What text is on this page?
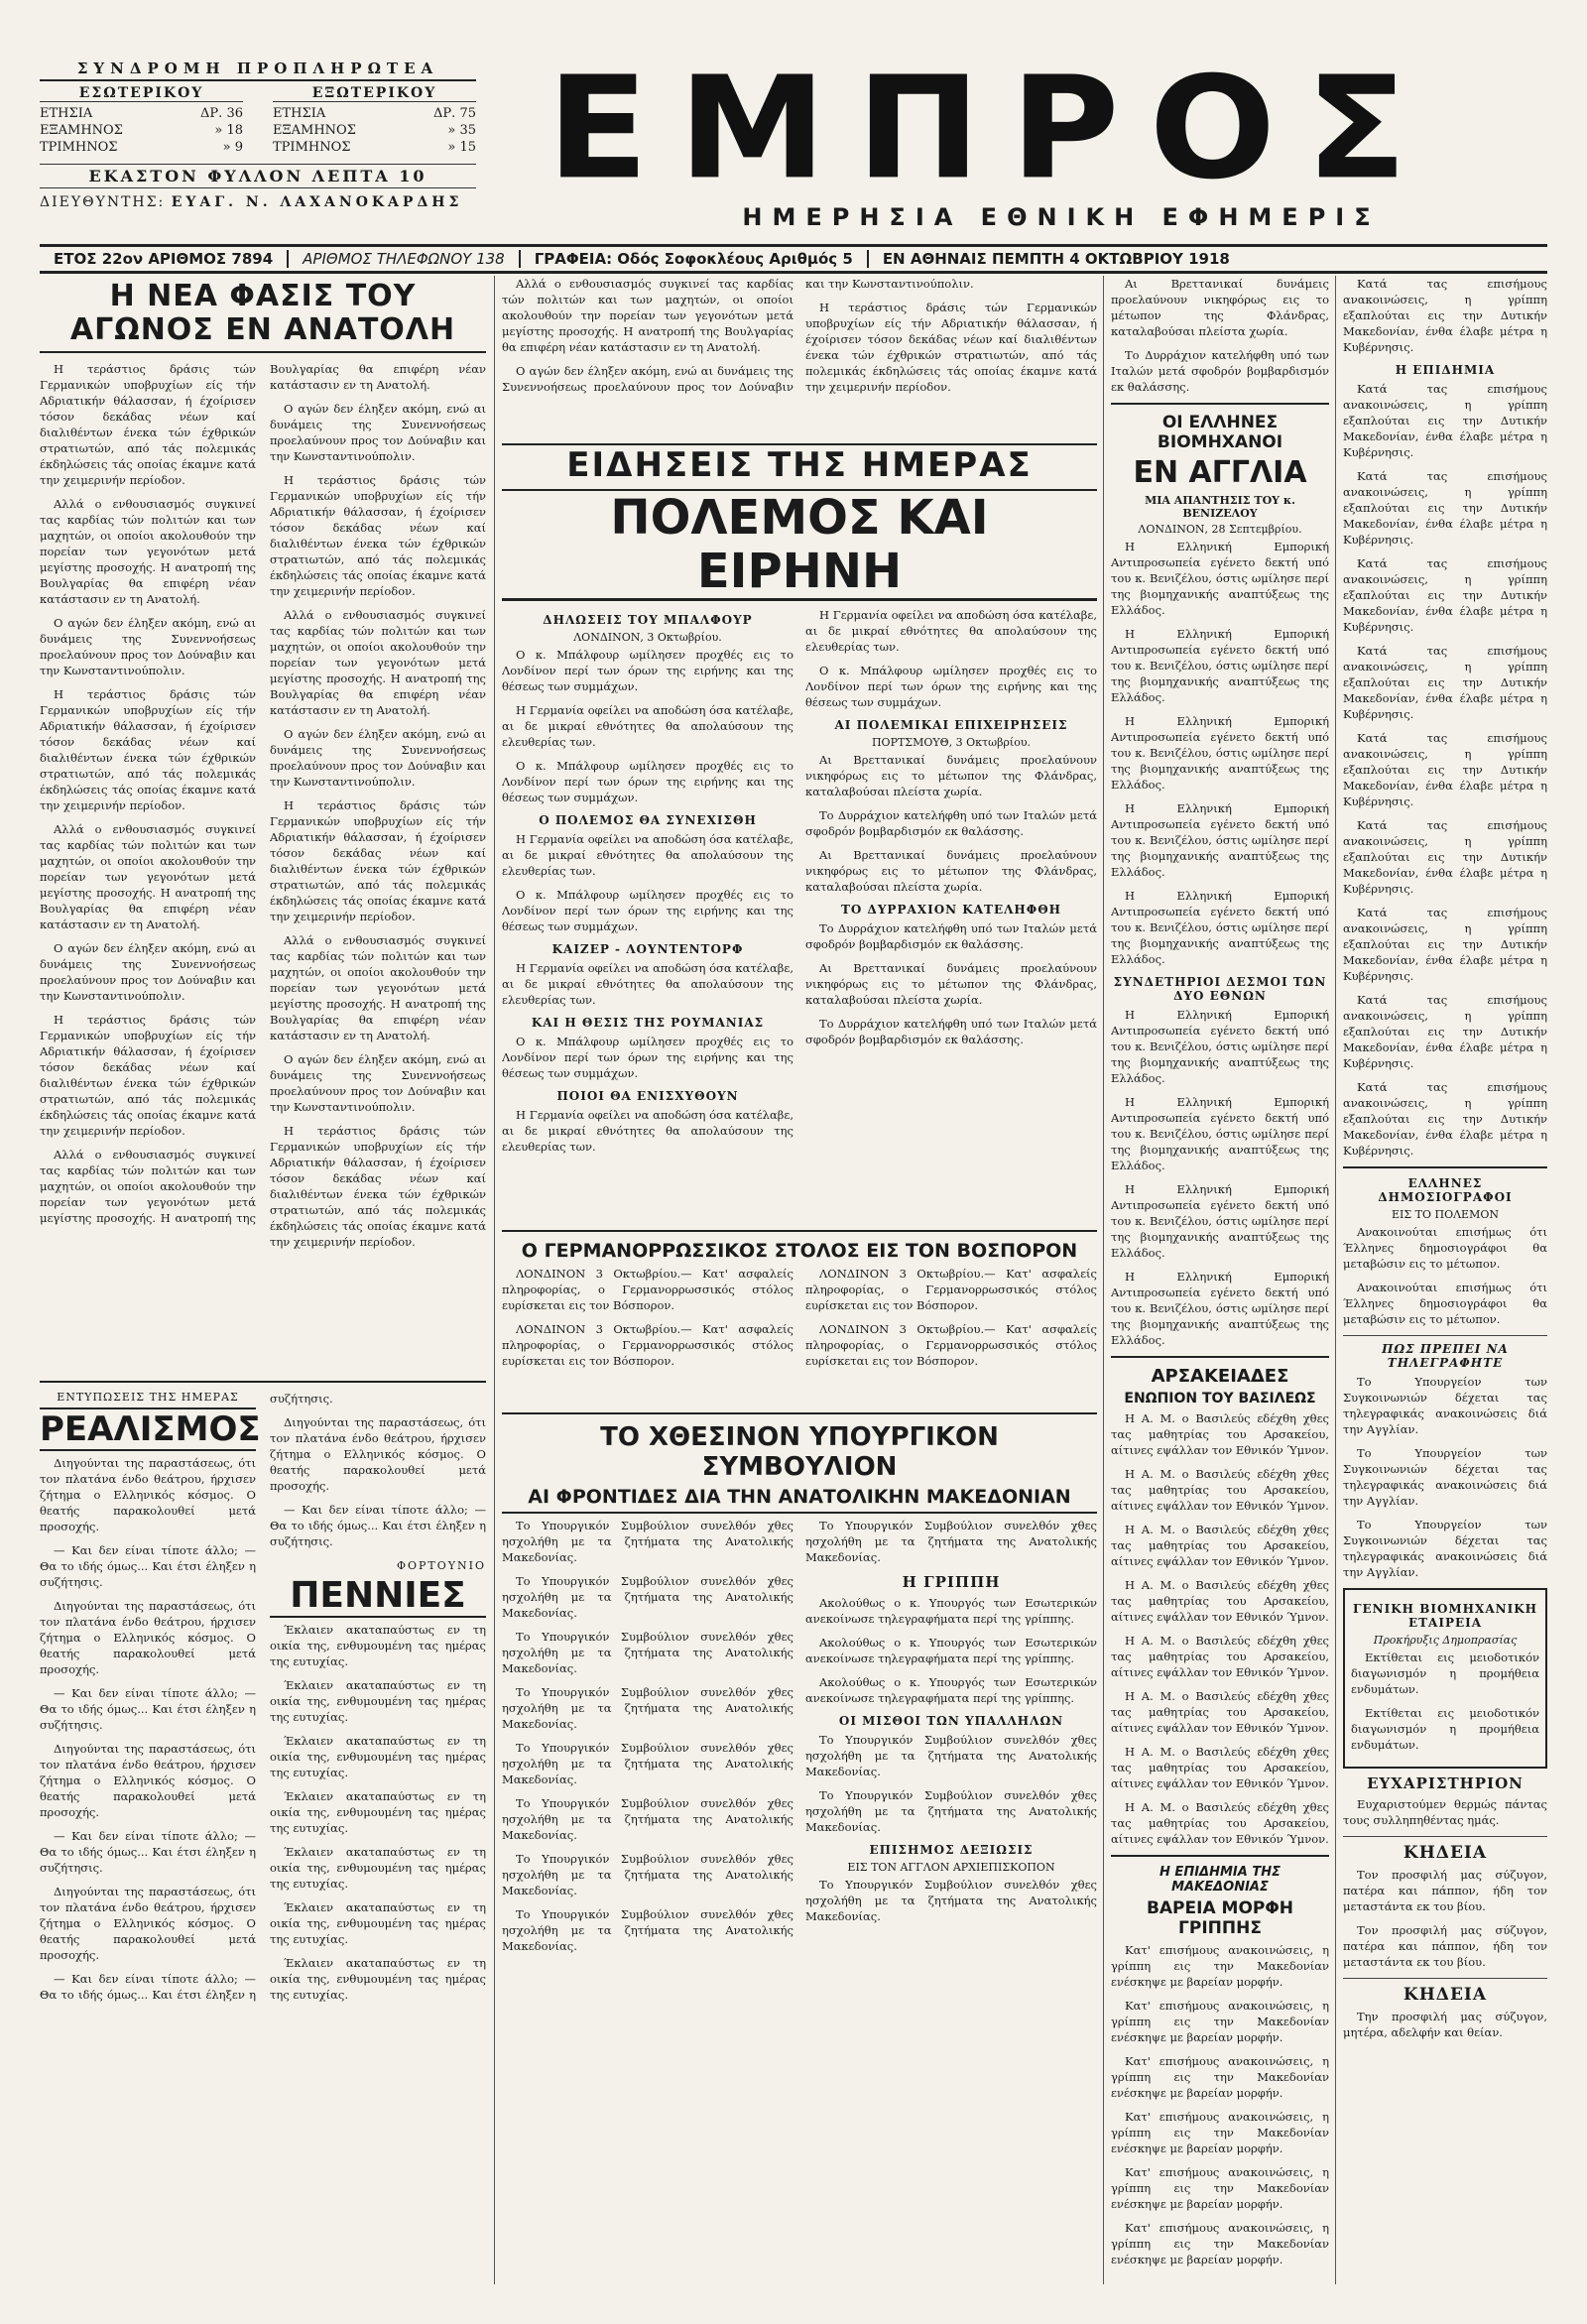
ΣΥΝΔΡΟΜΗ ΠΡΟΠΛΗΡΩΤΕΑ
ΕΣΩΤΕΡΙΚΟΥ
ΕΤΗΣΙΑ	ΔΡ. 36
ΕΞΑΜΗΝΟΣ	» 18
ΤΡΙΜΗΝΟΣ	» 9
ΕΞΩΤΕΡΙΚΟΥ
ΕΤΗΣΙΑ	ΔΡ. 75
ΕΞΑΜΗΝΟΣ	» 35
ΤΡΙΜΗΝΟΣ	» 15
ΕΚΑΣΤΟΝ ΦΥΛΛΟΝ ΛΕΠΤΑ 10
ΔΙΕΥΘΥΝΤΗΣ: ΕΥΑΓ. Ν. ΛΑΧΑΝΟΚΑΡΔΗΣ ΕΜΠΡΟΣ
ΗΜΕΡΗΣΙΑ ΕΘΝΙΚΗ ΕΦΗΜΕΡΙΣ
ΕΤΟΣ 22ον ΑΡΙΘΜΟΣ 7894	ΑΡΙΘΜΟΣ ΤΗΛΕΦΩΝΟΥ 138	ΓΡΑΦΕΙΑ: Οδός Σοφοκλέους Αριθμός 5	ΕΝ ΑΘΗΝΑΙΣ ΠΕΜΠΤΗ 4 ΟΚΤΩΒΡΙΟΥ 1918
Η ΝΕΑ ΦΑΣΙΣ ΤΟΥ ΑΓΩΝΟΣ ΕΝ ΑΝΑΤΟΛΗ

Η τεράστιος δράσις τών Γερμανικών υποβρυχίων είς τήν Αδριατικήν θάλασσαν, ή έχοίρισεν τόσον δεκάδας νέων καί διαλιθέντων ένεκα τών έχθρικών στρατιωτών, από τάς πολεμικάς έκδηλώσεις τάς οποίας έκαμνε κατά την χειμερινήν περίοδον.

Αλλά ο ενθουσιασμός συγκινεί τας καρδίας τών πολιτών και των μαχητών, οι οποίοι ακολουθούν την πορείαν των γεγονότων μετά μεγίστης προσοχής. Η ανατροπή της Βουλγαρίας θα επιφέρη νέαν κατάστασιν εν τη Ανατολή.

Ο αγών δεν έληξεν ακόμη, ενώ αι δυνάμεις της Συνεννοήσεως προελαύνουν προς τον Δούναβιν και την Κωνσταντινούπολιν.

Η τεράστιος δράσις τών Γερμανικών υποβρυχίων είς τήν Αδριατικήν θάλασσαν, ή έχοίρισεν τόσον δεκάδας νέων καί διαλιθέντων ένεκα τών έχθρικών στρατιωτών, από τάς πολεμικάς έκδηλώσεις τάς οποίας έκαμνε κατά την χειμερινήν περίοδον.

Αλλά ο ενθουσιασμός συγκινεί τας καρδίας τών πολιτών και των μαχητών, οι οποίοι ακολουθούν την πορείαν των γεγονότων μετά μεγίστης προσοχής. Η ανατροπή της Βουλγαρίας θα επιφέρη νέαν κατάστασιν εν τη Ανατολή.

Ο αγών δεν έληξεν ακόμη, ενώ αι δυνάμεις της Συνεννοήσεως προελαύνουν προς τον Δούναβιν και την Κωνσταντινούπολιν.

Η τεράστιος δράσις τών Γερμανικών υποβρυχίων είς τήν Αδριατικήν θάλασσαν, ή έχοίρισεν τόσον δεκάδας νέων καί διαλιθέντων ένεκα τών έχθρικών στρατιωτών, από τάς πολεμικάς έκδηλώσεις τάς οποίας έκαμνε κατά την χειμερινήν περίοδον.

Αλλά ο ενθουσιασμός συγκινεί τας καρδίας τών πολιτών και των μαχητών, οι οποίοι ακολουθούν την πορείαν των γεγονότων μετά μεγίστης προσοχής. Η ανατροπή της Βουλγαρίας θα επιφέρη νέαν κατάστασιν εν τη Ανατολή.

Ο αγών δεν έληξεν ακόμη, ενώ αι δυνάμεις της Συνεννοήσεως προελαύνουν προς τον Δούναβιν και την Κωνσταντινούπολιν.

Η τεράστιος δράσις τών Γερμανικών υποβρυχίων είς τήν Αδριατικήν θάλασσαν, ή έχοίρισεν τόσον δεκάδας νέων καί διαλιθέντων ένεκα τών έχθρικών στρατιωτών, από τάς πολεμικάς έκδηλώσεις τάς οποίας έκαμνε κατά την χειμερινήν περίοδον.

Αλλά ο ενθουσιασμός συγκινεί τας καρδίας τών πολιτών και των μαχητών, οι οποίοι ακολουθούν την πορείαν των γεγονότων μετά μεγίστης προσοχής. Η ανατροπή της Βουλγαρίας θα επιφέρη νέαν κατάστασιν εν τη Ανατολή.

Ο αγών δεν έληξεν ακόμη, ενώ αι δυνάμεις της Συνεννοήσεως προελαύνουν προς τον Δούναβιν και την Κωνσταντινούπολιν.

Η τεράστιος δράσις τών Γερμανικών υποβρυχίων είς τήν Αδριατικήν θάλασσαν, ή έχοίρισεν τόσον δεκάδας νέων καί διαλιθέντων ένεκα τών έχθρικών στρατιωτών, από τάς πολεμικάς έκδηλώσεις τάς οποίας έκαμνε κατά την χειμερινήν περίοδον.

Αλλά ο ενθουσιασμός συγκινεί τας καρδίας τών πολιτών και των μαχητών, οι οποίοι ακολουθούν την πορείαν των γεγονότων μετά μεγίστης προσοχής. Η ανατροπή της Βουλγαρίας θα επιφέρη νέαν κατάστασιν εν τη Ανατολή.

Ο αγών δεν έληξεν ακόμη, ενώ αι δυνάμεις της Συνεννοήσεως προελαύνουν προς τον Δούναβιν και την Κωνσταντινούπολιν.

Η τεράστιος δράσις τών Γερμανικών υποβρυχίων είς τήν Αδριατικήν θάλασσαν, ή έχοίρισεν τόσον δεκάδας νέων καί διαλιθέντων ένεκα τών έχθρικών στρατιωτών, από τάς πολεμικάς έκδηλώσεις τάς οποίας έκαμνε κατά την χειμερινήν περίοδον.

ΕΝΤΥΠΩΣΕΙΣ ΤΗΣ ΗΜΕΡΑΣ
ΡΕΑΛΙΣΜΟΣ

Διηγούνται της παραστάσεως, ότι τον πλατάνα ένδο θεάτρου, ήρχισεν ζήτημα ο Ελληνικός κόσμος. Ο θεατής παρακολουθεί μετά προσοχής.

— Και δεν είναι τίποτε άλλο; — Θα το ιδής όμως... Και έτσι έληξεν η συζήτησις.

Διηγούνται της παραστάσεως, ότι τον πλατάνα ένδο θεάτρου, ήρχισεν ζήτημα ο Ελληνικός κόσμος. Ο θεατής παρακολουθεί μετά προσοχής.

— Και δεν είναι τίποτε άλλο; — Θα το ιδής όμως... Και έτσι έληξεν η συζήτησις.

Διηγούνται της παραστάσεως, ότι τον πλατάνα ένδο θεάτρου, ήρχισεν ζήτημα ο Ελληνικός κόσμος. Ο θεατής παρακολουθεί μετά προσοχής.

— Και δεν είναι τίποτε άλλο; — Θα το ιδής όμως... Και έτσι έληξεν η συζήτησις.

Διηγούνται της παραστάσεως, ότι τον πλατάνα ένδο θεάτρου, ήρχισεν ζήτημα ο Ελληνικός κόσμος. Ο θεατής παρακολουθεί μετά προσοχής.

— Και δεν είναι τίποτε άλλο; — Θα το ιδής όμως... Και έτσι έληξεν η συζήτησις.

Διηγούνται της παραστάσεως, ότι τον πλατάνα ένδο θεάτρου, ήρχισεν ζήτημα ο Ελληνικός κόσμος. Ο θεατής παρακολουθεί μετά προσοχής.

— Και δεν είναι τίποτε άλλο; — Θα το ιδής όμως... Και έτσι έληξεν η συζήτησις.

ΦΟΡΤΟΥΝΙΟ
ΠΕΝΝΙΕΣ

Έκλαιεν ακαταπαύστως εν τη οικία της, ενθυμουμένη τας ημέρας της ευτυχίας.

Έκλαιεν ακαταπαύστως εν τη οικία της, ενθυμουμένη τας ημέρας της ευτυχίας.

Έκλαιεν ακαταπαύστως εν τη οικία της, ενθυμουμένη τας ημέρας της ευτυχίας.

Έκλαιεν ακαταπαύστως εν τη οικία της, ενθυμουμένη τας ημέρας της ευτυχίας.

Έκλαιεν ακαταπαύστως εν τη οικία της, ενθυμουμένη τας ημέρας της ευτυχίας.

Έκλαιεν ακαταπαύστως εν τη οικία της, ενθυμουμένη τας ημέρας της ευτυχίας.

Έκλαιεν ακαταπαύστως εν τη οικία της, ενθυμουμένη τας ημέρας της ευτυχίας.

Αλλά ο ενθουσιασμός συγκινεί τας καρδίας τών πολιτών και των μαχητών, οι οποίοι ακολουθούν την πορείαν των γεγονότων μετά μεγίστης προσοχής. Η ανατροπή της Βουλγαρίας θα επιφέρη νέαν κατάστασιν εν τη Ανατολή.

Ο αγών δεν έληξεν ακόμη, ενώ αι δυνάμεις της Συνεννοήσεως προελαύνουν προς τον Δούναβιν και την Κωνσταντινούπολιν.

Η τεράστιος δράσις τών Γερμανικών υποβρυχίων είς τήν Αδριατικήν θάλασσαν, ή έχοίρισεν τόσον δεκάδας νέων καί διαλιθέντων ένεκα τών έχθρικών στρατιωτών, από τάς πολεμικάς έκδηλώσεις τάς οποίας έκαμνε κατά την χειμερινήν περίοδον.

ΕΙΔΗΣΕΙΣ ΤΗΣ ΗΜΕΡΑΣ
ΠΟΛΕΜΟΣ ΚΑΙ ΕΙΡΗΝΗ
ΔΗΛΩΣΕΙΣ ΤΟΥ ΜΠΑΛΦΟΥΡ
ΛΟΝΔΙΝΟΝ, 3 Οκτωβρίου.

Ο κ. Μπάλφουρ ωμίλησεν προχθές εις το Λονδίνον περί των όρων της ειρήνης και της θέσεως των συμμάχων.

Η Γερμανία οφείλει να αποδώση όσα κατέλαβε, αι δε μικραί εθνότητες θα απολαύσουν της ελευθερίας των.

Ο κ. Μπάλφουρ ωμίλησεν προχθές εις το Λονδίνον περί των όρων της ειρήνης και της θέσεως των συμμάχων.

Ο ΠΟΛΕΜΟΣ ΘΑ ΣΥΝΕΧΙΣΘΗ

Η Γερμανία οφείλει να αποδώση όσα κατέλαβε, αι δε μικραί εθνότητες θα απολαύσουν της ελευθερίας των.

Ο κ. Μπάλφουρ ωμίλησεν προχθές εις το Λονδίνον περί των όρων της ειρήνης και της θέσεως των συμμάχων.

ΚΑΙΖΕΡ - ΛΟΥΝΤΕΝΤΟΡΦ

Η Γερμανία οφείλει να αποδώση όσα κατέλαβε, αι δε μικραί εθνότητες θα απολαύσουν της ελευθερίας των.

ΚΑΙ Η ΘΕΣΙΣ ΤΗΣ ΡΟΥΜΑΝΙΑΣ

Ο κ. Μπάλφουρ ωμίλησεν προχθές εις το Λονδίνον περί των όρων της ειρήνης και της θέσεως των συμμάχων.

ΠΟΙΟΙ ΘΑ ΕΝΙΣΧΥΘΟΥΝ

Η Γερμανία οφείλει να αποδώση όσα κατέλαβε, αι δε μικραί εθνότητες θα απολαύσουν της ελευθερίας των.

Η Γερμανία οφείλει να αποδώση όσα κατέλαβε, αι δε μικραί εθνότητες θα απολαύσουν της ελευθερίας των.

Ο κ. Μπάλφουρ ωμίλησεν προχθές εις το Λονδίνον περί των όρων της ειρήνης και της θέσεως των συμμάχων.

ΑΙ ΠΟΛΕΜΙΚΑΙ ΕΠΙΧΕΙΡΗΣΕΙΣ
ΠΟΡΤΣΜΟΥΘ, 3 Οκτωβρίου.

Αι Βρεττανικαί δυνάμεις προελαύνουν νικηφόρως εις το μέτωπον της Φλάνδρας, καταλαβούσαι πλείστα χωρία.

Το Δυρράχιον κατελήφθη υπό των Ιταλών μετά σφοδρόν βομβαρδισμόν εκ θαλάσσης.

Αι Βρεττανικαί δυνάμεις προελαύνουν νικηφόρως εις το μέτωπον της Φλάνδρας, καταλαβούσαι πλείστα χωρία.

ΤΟ ΔΥΡΡΑΧΙΟΝ ΚΑΤΕΛΗΦΘΗ

Το Δυρράχιον κατελήφθη υπό των Ιταλών μετά σφοδρόν βομβαρδισμόν εκ θαλάσσης.

Αι Βρεττανικαί δυνάμεις προελαύνουν νικηφόρως εις το μέτωπον της Φλάνδρας, καταλαβούσαι πλείστα χωρία.

Το Δυρράχιον κατελήφθη υπό των Ιταλών μετά σφοδρόν βομβαρδισμόν εκ θαλάσσης.

Ο ΓΕΡΜΑΝΟΡΡΩΣΣΙΚΟΣ ΣΤΟΛΟΣ ΕΙΣ ΤΟΝ ΒΟΣΠΟΡΟΝ

ΛΟΝΔΙΝΟΝ 3 Οκτωβρίου.— Κατ' ασφαλείς πληροφορίας, ο Γερμανορρωσσικός στόλος ευρίσκεται εις τον Βόσπορον.

ΛΟΝΔΙΝΟΝ 3 Οκτωβρίου.— Κατ' ασφαλείς πληροφορίας, ο Γερμανορρωσσικός στόλος ευρίσκεται εις τον Βόσπορον.

ΛΟΝΔΙΝΟΝ 3 Οκτωβρίου.— Κατ' ασφαλείς πληροφορίας, ο Γερμανορρωσσικός στόλος ευρίσκεται εις τον Βόσπορον.

ΛΟΝΔΙΝΟΝ 3 Οκτωβρίου.— Κατ' ασφαλείς πληροφορίας, ο Γερμανορρωσσικός στόλος ευρίσκεται εις τον Βόσπορον.

ΤΟ ΧΘΕΣΙΝΟΝ ΥΠΟΥΡΓΙΚΟΝ ΣΥΜΒΟΥΛΙΟΝ
ΑΙ ΦΡΟΝΤΙΔΕΣ ΔΙΑ ΤΗΝ ΑΝΑΤΟΛΙΚΗΝ ΜΑΚΕΔΟΝΙΑΝ

Το Υπουργικόν Συμβούλιον συνελθόν χθες ησχολήθη με τα ζητήματα της Ανατολικής Μακεδονίας.

Το Υπουργικόν Συμβούλιον συνελθόν χθες ησχολήθη με τα ζητήματα της Ανατολικής Μακεδονίας.

Το Υπουργικόν Συμβούλιον συνελθόν χθες ησχολήθη με τα ζητήματα της Ανατολικής Μακεδονίας.

Το Υπουργικόν Συμβούλιον συνελθόν χθες ησχολήθη με τα ζητήματα της Ανατολικής Μακεδονίας.

Το Υπουργικόν Συμβούλιον συνελθόν χθες ησχολήθη με τα ζητήματα της Ανατολικής Μακεδονίας.

Το Υπουργικόν Συμβούλιον συνελθόν χθες ησχολήθη με τα ζητήματα της Ανατολικής Μακεδονίας.

Το Υπουργικόν Συμβούλιον συνελθόν χθες ησχολήθη με τα ζητήματα της Ανατολικής Μακεδονίας.

Το Υπουργικόν Συμβούλιον συνελθόν χθες ησχολήθη με τα ζητήματα της Ανατολικής Μακεδονίας.

Το Υπουργικόν Συμβούλιον συνελθόν χθες ησχολήθη με τα ζητήματα της Ανατολικής Μακεδονίας.

Η ΓΡΙΠΠΗ

Ακολούθως ο κ. Υπουργός των Εσωτερικών ανεκοίνωσε τηλεγραφήματα περί της γρίππης.

Ακολούθως ο κ. Υπουργός των Εσωτερικών ανεκοίνωσε τηλεγραφήματα περί της γρίππης.

Ακολούθως ο κ. Υπουργός των Εσωτερικών ανεκοίνωσε τηλεγραφήματα περί της γρίππης.

ΟΙ ΜΙΣΘΟΙ ΤΩΝ ΥΠΑΛΛΗΛΩΝ

Το Υπουργικόν Συμβούλιον συνελθόν χθες ησχολήθη με τα ζητήματα της Ανατολικής Μακεδονίας.

Το Υπουργικόν Συμβούλιον συνελθόν χθες ησχολήθη με τα ζητήματα της Ανατολικής Μακεδονίας.

ΕΠΙΣΗΜΟΣ ΔΕΞΙΩΣΙΣ
ΕΙΣ ΤΟΝ ΑΓΓΛΟΝ ΑΡΧΙΕΠΙΣΚΟΠΟΝ

Το Υπουργικόν Συμβούλιον συνελθόν χθες ησχολήθη με τα ζητήματα της Ανατολικής Μακεδονίας.

Αι Βρεττανικαί δυνάμεις προελαύνουν νικηφόρως εις το μέτωπον της Φλάνδρας, καταλαβούσαι πλείστα χωρία.

Το Δυρράχιον κατελήφθη υπό των Ιταλών μετά σφοδρόν βομβαρδισμόν εκ θαλάσσης.

ΟΙ ΕΛΛΗΝΕΣ ΒΙΟΜΗΧΑΝΟΙ
ΕΝ ΑΓΓΛΙΑ
ΜΙΑ ΑΠΑΝΤΗΣΙΣ ΤΟΥ κ. ΒΕΝΙΖΕΛΟΥ
ΛΟΝΔΙΝΟΝ, 28 Σεπτεμβρίου.

Η Ελληνική Εμπορική Αντιπροσωπεία εγένετο δεκτή υπό του κ. Βενιζέλου, όστις ωμίλησε περί της βιομηχανικής αναπτύξεως της Ελλάδος.

Η Ελληνική Εμπορική Αντιπροσωπεία εγένετο δεκτή υπό του κ. Βενιζέλου, όστις ωμίλησε περί της βιομηχανικής αναπτύξεως της Ελλάδος.

Η Ελληνική Εμπορική Αντιπροσωπεία εγένετο δεκτή υπό του κ. Βενιζέλου, όστις ωμίλησε περί της βιομηχανικής αναπτύξεως της Ελλάδος.

Η Ελληνική Εμπορική Αντιπροσωπεία εγένετο δεκτή υπό του κ. Βενιζέλου, όστις ωμίλησε περί της βιομηχανικής αναπτύξεως της Ελλάδος.

Η Ελληνική Εμπορική Αντιπροσωπεία εγένετο δεκτή υπό του κ. Βενιζέλου, όστις ωμίλησε περί της βιομηχανικής αναπτύξεως της Ελλάδος.

ΣΥΝΔΕΤΗΡΙΟΙ ΔΕΣΜΟΙ ΤΩΝ ΔΥΟ ΕΘΝΩΝ

Η Ελληνική Εμπορική Αντιπροσωπεία εγένετο δεκτή υπό του κ. Βενιζέλου, όστις ωμίλησε περί της βιομηχανικής αναπτύξεως της Ελλάδος.

Η Ελληνική Εμπορική Αντιπροσωπεία εγένετο δεκτή υπό του κ. Βενιζέλου, όστις ωμίλησε περί της βιομηχανικής αναπτύξεως της Ελλάδος.

Η Ελληνική Εμπορική Αντιπροσωπεία εγένετο δεκτή υπό του κ. Βενιζέλου, όστις ωμίλησε περί της βιομηχανικής αναπτύξεως της Ελλάδος.

Η Ελληνική Εμπορική Αντιπροσωπεία εγένετο δεκτή υπό του κ. Βενιζέλου, όστις ωμίλησε περί της βιομηχανικής αναπτύξεως της Ελλάδος.

ΑΡΣΑΚΕΙΑΔΕΣ
ΕΝΩΠΙΟΝ ΤΟΥ ΒΑΣΙΛΕΩΣ

Η Α. Μ. ο Βασιλεύς εδέχθη χθες τας μαθητρίας του Αρσακείου, αίτινες εψάλλαν τον Εθνικόν Ύμνον.

Η Α. Μ. ο Βασιλεύς εδέχθη χθες τας μαθητρίας του Αρσακείου, αίτινες εψάλλαν τον Εθνικόν Ύμνον.

Η Α. Μ. ο Βασιλεύς εδέχθη χθες τας μαθητρίας του Αρσακείου, αίτινες εψάλλαν τον Εθνικόν Ύμνον.

Η Α. Μ. ο Βασιλεύς εδέχθη χθες τας μαθητρίας του Αρσακείου, αίτινες εψάλλαν τον Εθνικόν Ύμνον.

Η Α. Μ. ο Βασιλεύς εδέχθη χθες τας μαθητρίας του Αρσακείου, αίτινες εψάλλαν τον Εθνικόν Ύμνον.

Η Α. Μ. ο Βασιλεύς εδέχθη χθες τας μαθητρίας του Αρσακείου, αίτινες εψάλλαν τον Εθνικόν Ύμνον.

Η Α. Μ. ο Βασιλεύς εδέχθη χθες τας μαθητρίας του Αρσακείου, αίτινες εψάλλαν τον Εθνικόν Ύμνον.

Η Α. Μ. ο Βασιλεύς εδέχθη χθες τας μαθητρίας του Αρσακείου, αίτινες εψάλλαν τον Εθνικόν Ύμνον.

Η ΕΠΙΔΗΜΙΑ ΤΗΣ ΜΑΚΕΔΟΝΙΑΣ
ΒΑΡΕΙΑ ΜΟΡΦΗ ΓΡΙΠΠΗΣ

Κατ' επισήμους ανακοινώσεις, η γρίππη εις την Μακεδονίαν ενέσκηψε με βαρείαν μορφήν.

Κατ' επισήμους ανακοινώσεις, η γρίππη εις την Μακεδονίαν ενέσκηψε με βαρείαν μορφήν.

Κατ' επισήμους ανακοινώσεις, η γρίππη εις την Μακεδονίαν ενέσκηψε με βαρείαν μορφήν.

Κατ' επισήμους ανακοινώσεις, η γρίππη εις την Μακεδονίαν ενέσκηψε με βαρείαν μορφήν.

Κατ' επισήμους ανακοινώσεις, η γρίππη εις την Μακεδονίαν ενέσκηψε με βαρείαν μορφήν.

Κατ' επισήμους ανακοινώσεις, η γρίππη εις την Μακεδονίαν ενέσκηψε με βαρείαν μορφήν.

Κατά τας επισήμους ανακοινώσεις, η γρίππη εξαπλούται εις την Δυτικήν Μακεδονίαν, ένθα έλαβε μέτρα η Κυβέρνησις.

Η ΕΠΙΔΗΜΙΑ

Κατά τας επισήμους ανακοινώσεις, η γρίππη εξαπλούται εις την Δυτικήν Μακεδονίαν, ένθα έλαβε μέτρα η Κυβέρνησις.

Κατά τας επισήμους ανακοινώσεις, η γρίππη εξαπλούται εις την Δυτικήν Μακεδονίαν, ένθα έλαβε μέτρα η Κυβέρνησις.

Κατά τας επισήμους ανακοινώσεις, η γρίππη εξαπλούται εις την Δυτικήν Μακεδονίαν, ένθα έλαβε μέτρα η Κυβέρνησις.

Κατά τας επισήμους ανακοινώσεις, η γρίππη εξαπλούται εις την Δυτικήν Μακεδονίαν, ένθα έλαβε μέτρα η Κυβέρνησις.

Κατά τας επισήμους ανακοινώσεις, η γρίππη εξαπλούται εις την Δυτικήν Μακεδονίαν, ένθα έλαβε μέτρα η Κυβέρνησις.

Κατά τας επισήμους ανακοινώσεις, η γρίππη εξαπλούται εις την Δυτικήν Μακεδονίαν, ένθα έλαβε μέτρα η Κυβέρνησις.

Κατά τας επισήμους ανακοινώσεις, η γρίππη εξαπλούται εις την Δυτικήν Μακεδονίαν, ένθα έλαβε μέτρα η Κυβέρνησις.

Κατά τας επισήμους ανακοινώσεις, η γρίππη εξαπλούται εις την Δυτικήν Μακεδονίαν, ένθα έλαβε μέτρα η Κυβέρνησις.

Κατά τας επισήμους ανακοινώσεις, η γρίππη εξαπλούται εις την Δυτικήν Μακεδονίαν, ένθα έλαβε μέτρα η Κυβέρνησις.

ΕΛΛΗΝΕΣ ΔΗΜΟΣΙΟΓΡΑΦΟΙ
ΕΙΣ ΤΟ ΠΟΛΕΜΟΝ

Ανακοινούται επισήμως ότι Έλληνες δημοσιογράφοι θα μεταβώσιν εις το μέτωπον.

Ανακοινούται επισήμως ότι Έλληνες δημοσιογράφοι θα μεταβώσιν εις το μέτωπον.

ΠΩΣ ΠΡΕΠΕΙ ΝΑ ΤΗΛΕΓΡΑΦΗΤΕ

Το Υπουργείον των Συγκοινωνιών δέχεται τας τηλεγραφικάς ανακοινώσεις διά την Αγγλίαν.

Το Υπουργείον των Συγκοινωνιών δέχεται τας τηλεγραφικάς ανακοινώσεις διά την Αγγλίαν.

Το Υπουργείον των Συγκοινωνιών δέχεται τας τηλεγραφικάς ανακοινώσεις διά την Αγγλίαν.

ΓΕΝΙΚΗ ΒΙΟΜΗΧΑΝΙΚΗ ΕΤΑΙΡΕΙΑ
Προκήρυξις Δημοπρασίας

Εκτίθεται εις μειοδοτικόν διαγωνισμόν η προμήθεια ενδυμάτων.

Εκτίθεται εις μειοδοτικόν διαγωνισμόν η προμήθεια ενδυμάτων.

ΕΥΧΑΡΙΣΤΗΡΙΟΝ

Ευχαριστούμεν θερμώς πάντας τους συλληπηθέντας ημάς.

ΚΗΔΕΙΑ

Τον προσφιλή μας σύζυγον, πατέρα και πάππον, ήδη τον μεταστάντα εκ του βίου.

Τον προσφιλή μας σύζυγον, πατέρα και πάππον, ήδη τον μεταστάντα εκ του βίου.

ΚΗΔΕΙΑ

Την προσφιλή μας σύζυγον, μητέρα, αδελφήν και θείαν.
